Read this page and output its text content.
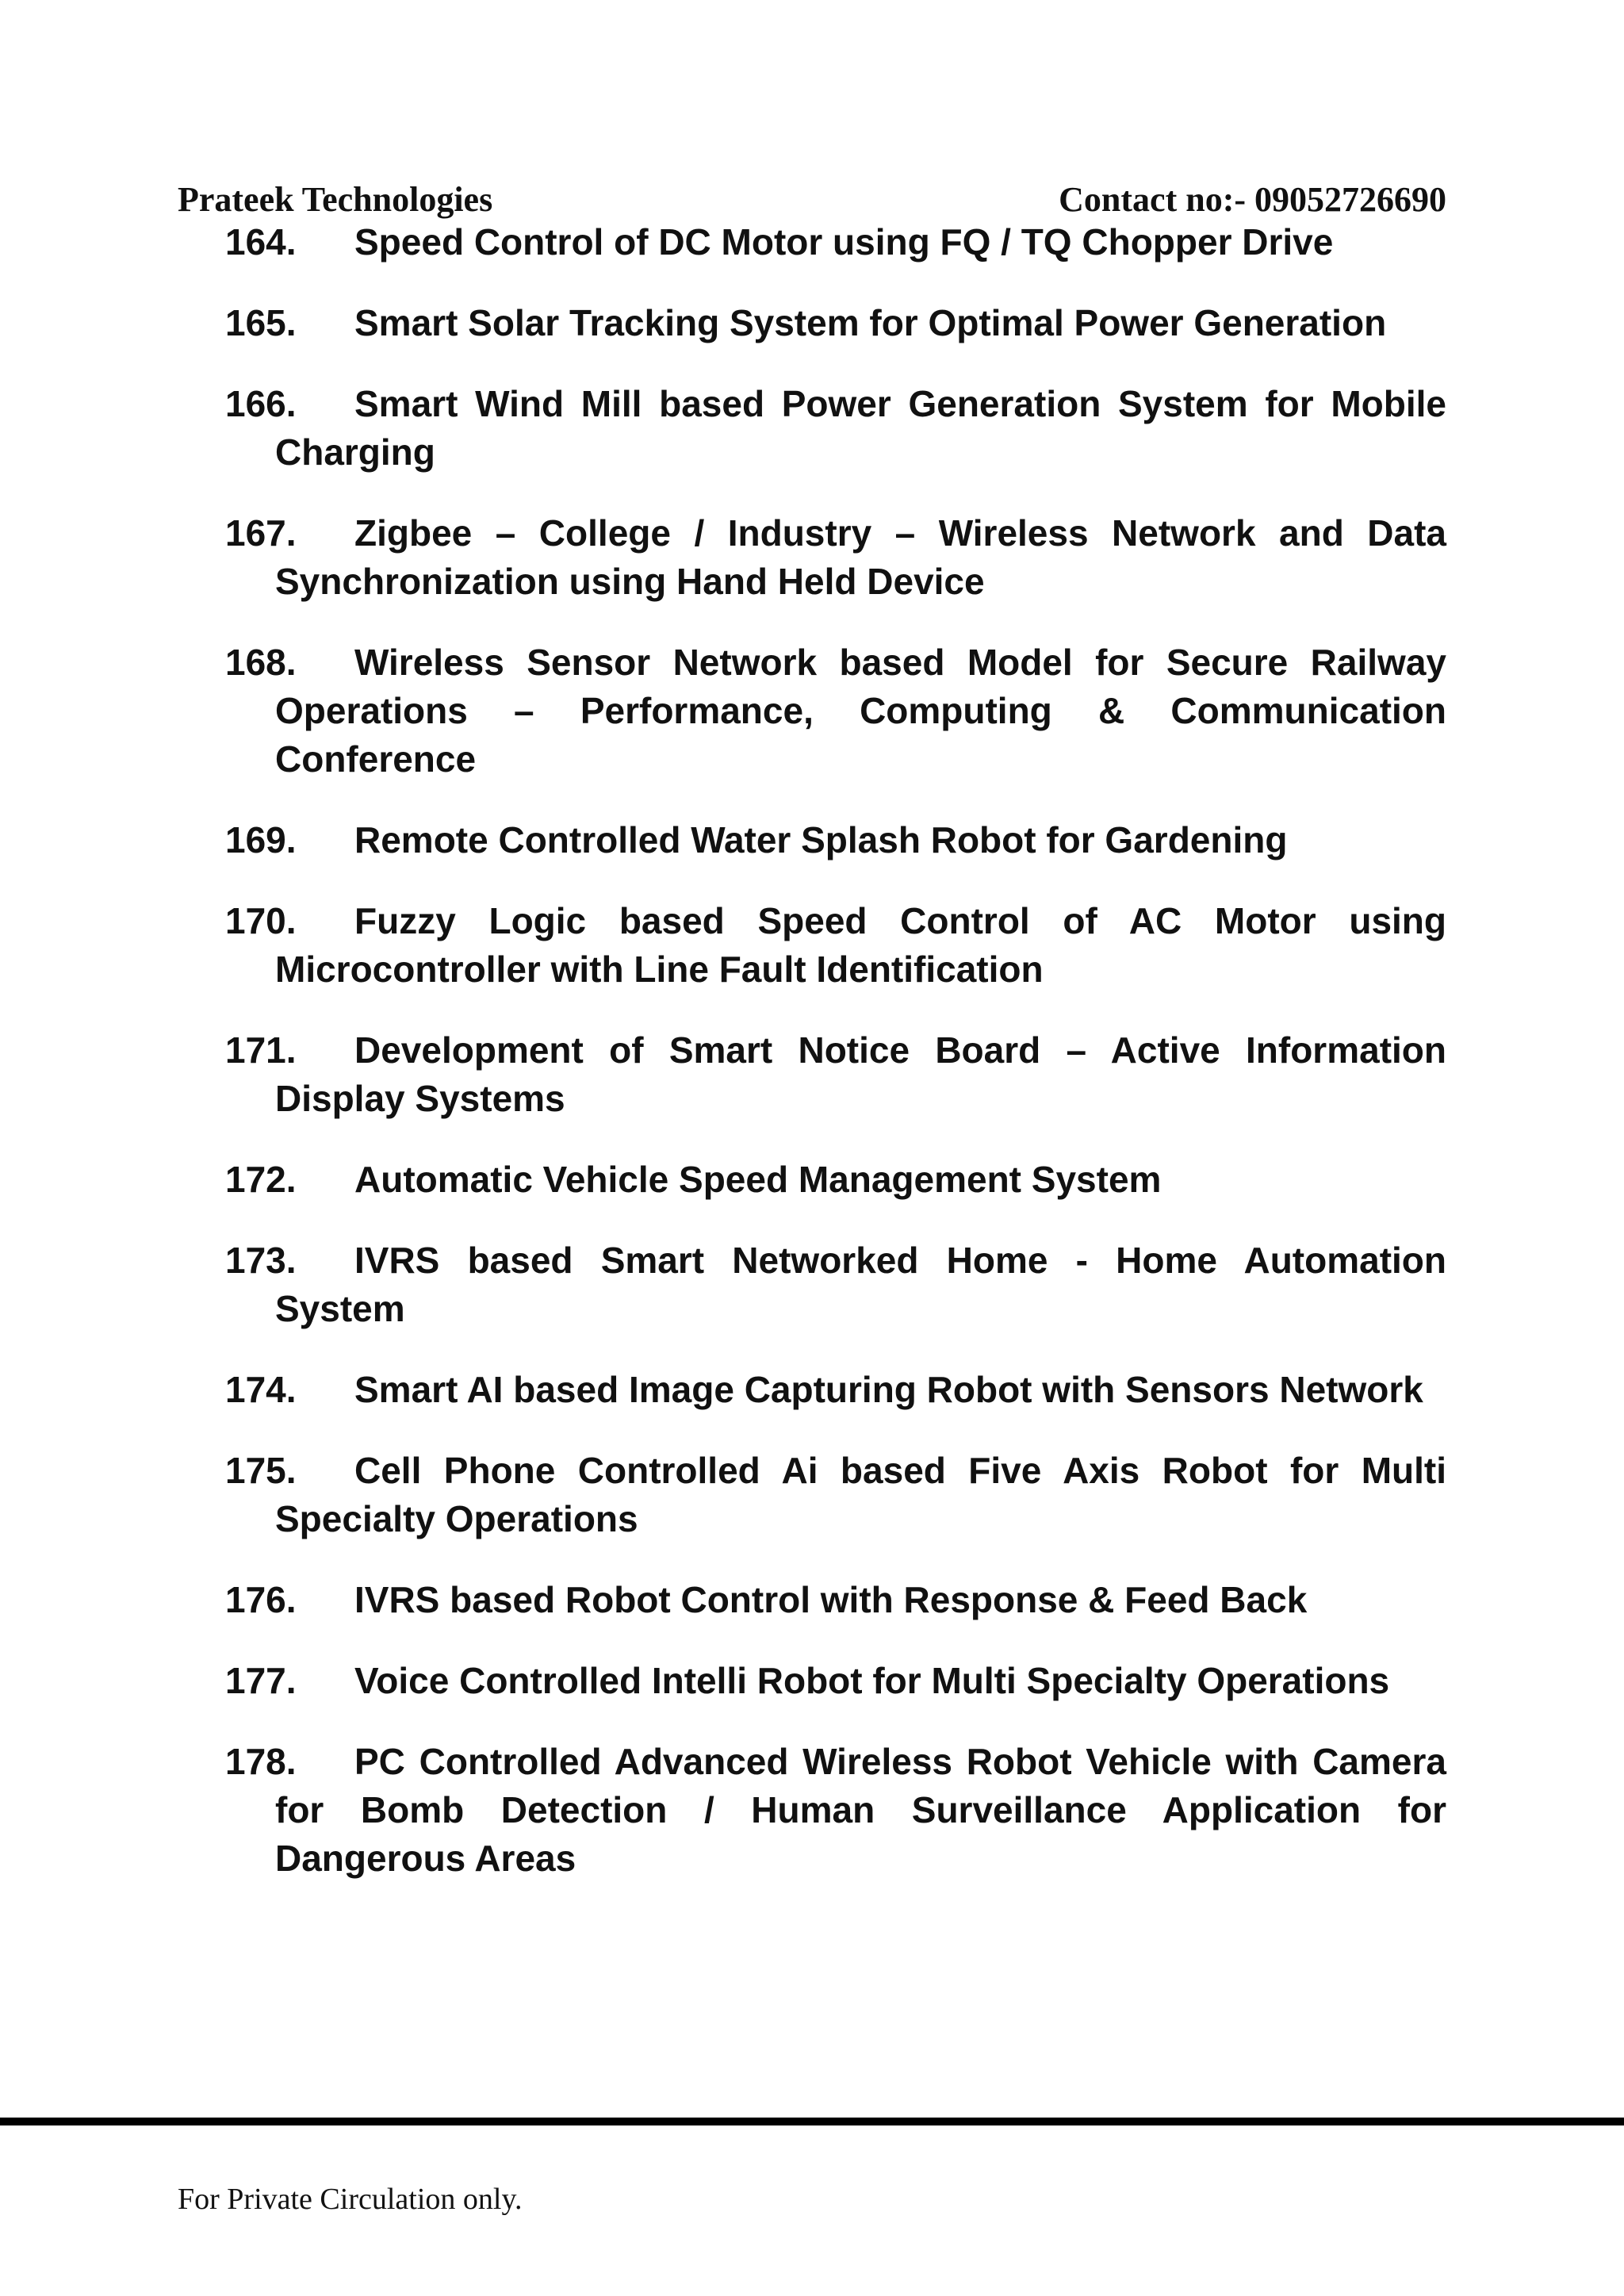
Prateek Technologies	Contact no:- 09052726690
164.	Speed Control of DC Motor using FQ / TQ Chopper Drive
165.	Smart Solar Tracking System for Optimal Power Generation
166.	Smart Wind Mill based Power Generation System for Mobile Charging
167.	Zigbee – College / Industry – Wireless Network and Data Synchronization using Hand Held Device
168.	Wireless Sensor Network based Model for Secure Railway Operations – Performance, Computing & Communication Conference
169.	Remote Controlled Water Splash Robot for Gardening
170.	Fuzzy Logic based Speed Control of AC Motor using Microcontroller with Line Fault Identification
171.	Development of Smart Notice Board – Active Information Display Systems
172.	Automatic Vehicle Speed Management System
173.	IVRS based Smart Networked Home - Home Automation System
174.	Smart AI based Image Capturing Robot with Sensors Network
175.	Cell Phone Controlled Ai based Five Axis Robot for Multi Specialty Operations
176.	IVRS based Robot Control with Response & Feed Back
177.	Voice Controlled Intelli Robot for Multi Specialty Operations
178.	PC Controlled Advanced Wireless Robot Vehicle with Camera for Bomb Detection / Human Surveillance Application for Dangerous Areas
For Private Circulation only.
